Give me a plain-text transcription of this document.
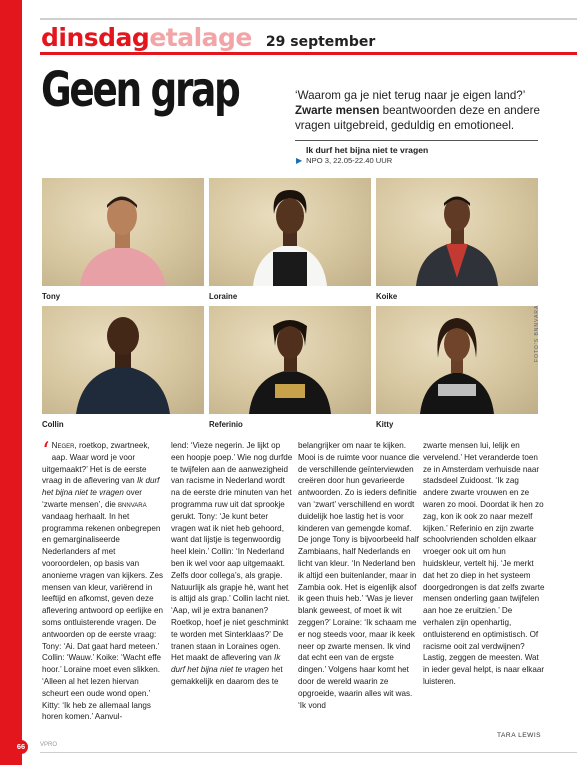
dinsdag etalage 29 september
Geen grap	‘Waarom ga je niet terug naar je eigen land?’
Zwarte mensen beantwoorden deze en andere vragen uitgebreid, geduldig en emotioneel.
Ik durf het bijna niet te vragen
▶ NPO 3, 22.05-22.40 UUR
Tony	Loraine	Koike
Collin	Referinio	Kitty
FOTO'S BNNVARA

‘ Neger, roetkop, zwartneek, aap. Waar word je voor uitgemaakt?’ Het is de eerste vraag in de aflevering van Ik durf het bijna niet te vragen over ‘zwarte mensen’, die bnnvara vandaag herhaalt. In het programma rekenen onbegrepen en gemarginaliseerde Nederlanders af met vooroordelen, op basis van anonieme vragen van kijkers. Zes mensen van kleur, variërend in leeftijd en afkomst, geven deze aflevering antwoord op eerlijke en soms ontluisterende vragen. De antwoorden op de eerste vraag: Tony: ‘Ai. Dat gaat hard meteen.’ Collin: ‘Wauw.’ Koike: ‘Wacht effe hoor.’ Loraine moet even slikken. ‘Alleen al het lezen hiervan scheurt een oude wond open.’ Kitty: ‘Ik heb ze allemaal langs horen komen.’ Aanvul-

lend: ‘Vieze negerin. Je lijkt op een hoopje poep.’ Wie nog durfde te twijfelen aan de aanwezigheid van racisme in Nederland wordt na de eerste drie minuten van het programma ruw uit dat sprookje gerukt. Tony: ‘Je kunt beter vragen wat ik niet heb gehoord, want dat lijstje is tegenwoordig heel klein.’ Collin: ‘In Nederland ben ik wel voor aap uitgemaakt. Zelfs door collega’s, als grapje. Natuurlijk als grapje hè, want het is altijd als grap.’ Collin lacht niet. ‘Aap, wil je extra bananen? Roetkop, hoef je niet geschminkt te worden met Sinterklaas?’ De tranen staan in Loraines ogen. Het maakt de aflevering van Ik durf het bijna niet te vragen het gemakkelijk en daarom des te

belangrijker om naar te kijken. Mooi is de ruimte voor nuance die de verschillende geïnterviewden creëren door hun gevarieerde antwoorden. Zo is ieders definitie van ‘zwart’ verschillend en wordt duidelijk hoe lastig het is voor kinderen van gemengde komaf. De jonge Tony is bijvoorbeeld half Zambiaans, half Nederlands en licht van kleur. ‘In Nederland ben ik altijd een buitenlander, maar in Zambia ook. Het is eigenlijk alsof ik geen thuis heb.’ ‘Was je liever blank geweest, of moet ik wit zeggen?’ Loraine: ‘Ik schaam me er nog steeds voor, maar ik keek neer op zwarte mensen. Ik vind dat echt een van de ergste dingen.’ Volgens haar komt het door de wereld waarin ze opgroeide, waarin alles wit was. ‘Ik vond

zwarte mensen lui, lelijk en vervelend.’ Het veranderde toen ze in Amsterdam verhuisde naar stadsdeel Zuidoost. ‘Ik zag andere zwarte vrouwen en ze waren zo mooi. Doordat ik hen zo zag, kon ik ook zo naar mezelf kijken.’ Referinio en zijn zwarte schoolvrienden scholden elkaar vroeger ook uit om hun huidskleur, vertelt hij. ‘Je merkt dat het zo diep in het systeem doorgedrongen is dat zelfs zwarte mensen onderling gaan twijfelen aan hoe ze eruitzien.’ De verhalen zijn openhartig, ontluisterend en optimistisch. Of racisme ooit zal verdwijnen? Lastig, zeggen de meesten. Wat in ieder geval helpt, is naar elkaar luisteren.

TARA LEWIS
66	VPRO
